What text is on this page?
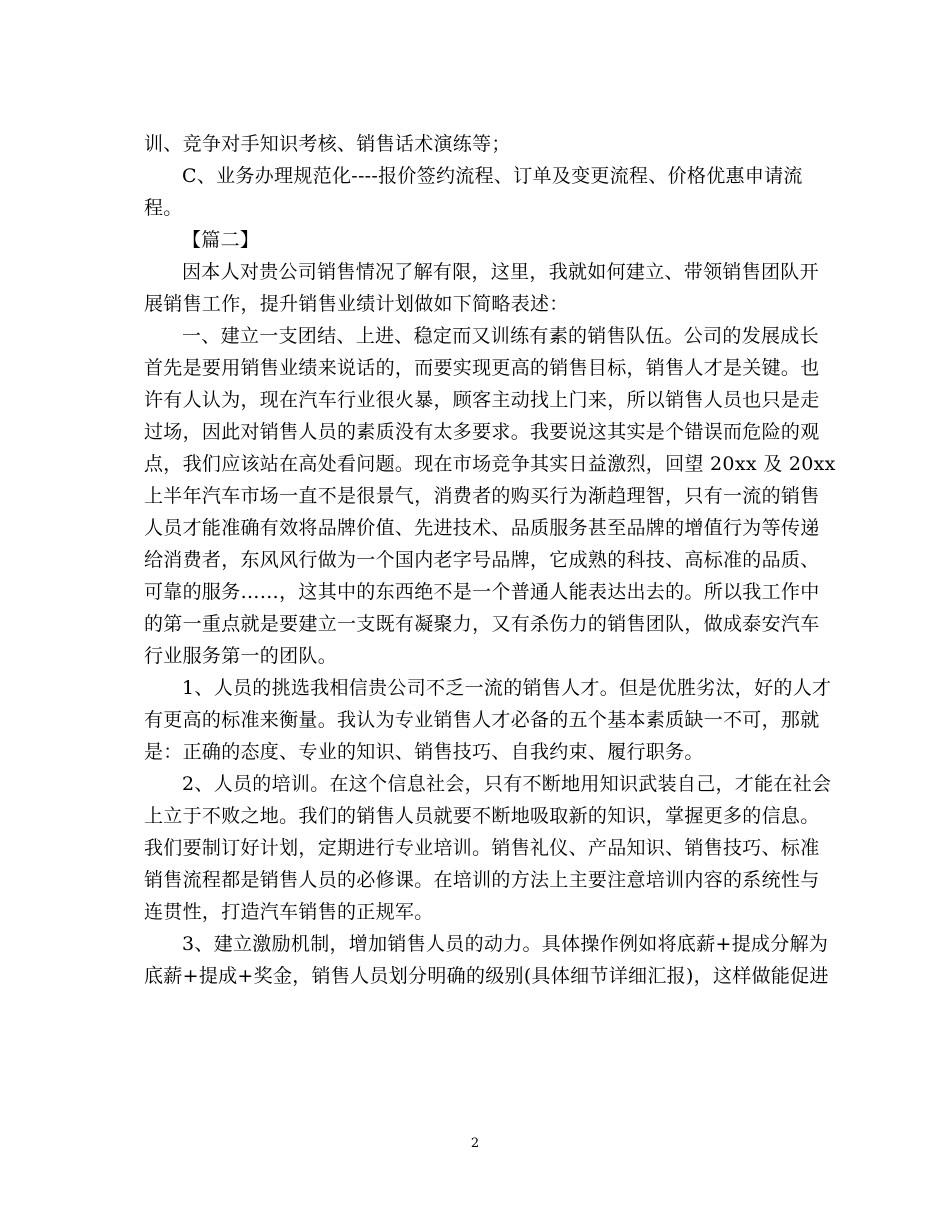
训、竞争对手知识考核、销售话术演练等；
C、业务办理规范化----报价签约流程、订单及变更流程、价格优惠申请流
程。
【篇二】
因本人对贵公司销售情况了解有限，这里，我就如何建立、带领销售团队开
展销售工作，提升销售业绩计划做如下简略表述：
一、建立一支团结、上进、稳定而又训练有素的销售队伍。公司的发展成长
首先是要用销售业绩来说话的，而要实现更高的销售目标，销售人才是关键。也
许有人认为，现在汽车行业很火暴，顾客主动找上门来，所以销售人员也只是走
过场，因此对销售人员的素质没有太多要求。我要说这其实是个错误而危险的观
点，我们应该站在高处看问题。现在市场竞争其实日益激烈，回望 20xx 及 20xx
上半年汽车市场一直不是很景气，消费者的购买行为渐趋理智，只有一流的销售
人员才能准确有效将品牌价值、先进技术、品质服务甚至品牌的增值行为等传递
给消费者，东风风行做为一个国内老字号品牌，它成熟的科技、高标准的品质、
可靠的服务……，这其中的东西绝不是一个普通人能表达出去的。所以我工作中
的第一重点就是要建立一支既有凝聚力，又有杀伤力的销售团队，做成泰安汽车
行业服务第一的团队。
1、人员的挑选我相信贵公司不乏一流的销售人才。但是优胜劣汰，好的人才
有更高的标准来衡量。我认为专业销售人才必备的五个基本素质缺一不可，那就
是：正确的态度、专业的知识、销售技巧、自我约束、履行职务。
2、人员的培训。在这个信息社会，只有不断地用知识武装自己，才能在社会
上立于不败之地。我们的销售人员就要不断地吸取新的知识，掌握更多的信息。
我们要制订好计划，定期进行专业培训。销售礼仪、产品知识、销售技巧、标准
销售流程都是销售人员的必修课。在培训的方法上主要注意培训内容的系统性与
连贯性，打造汽车销售的正规军。
3、建立激励机制，增加销售人员的动力。具体操作例如将底薪+提成分解为
底薪+提成+奖金，销售人员划分明确的级别(具体细节详细汇报)，这样做能促进
2
